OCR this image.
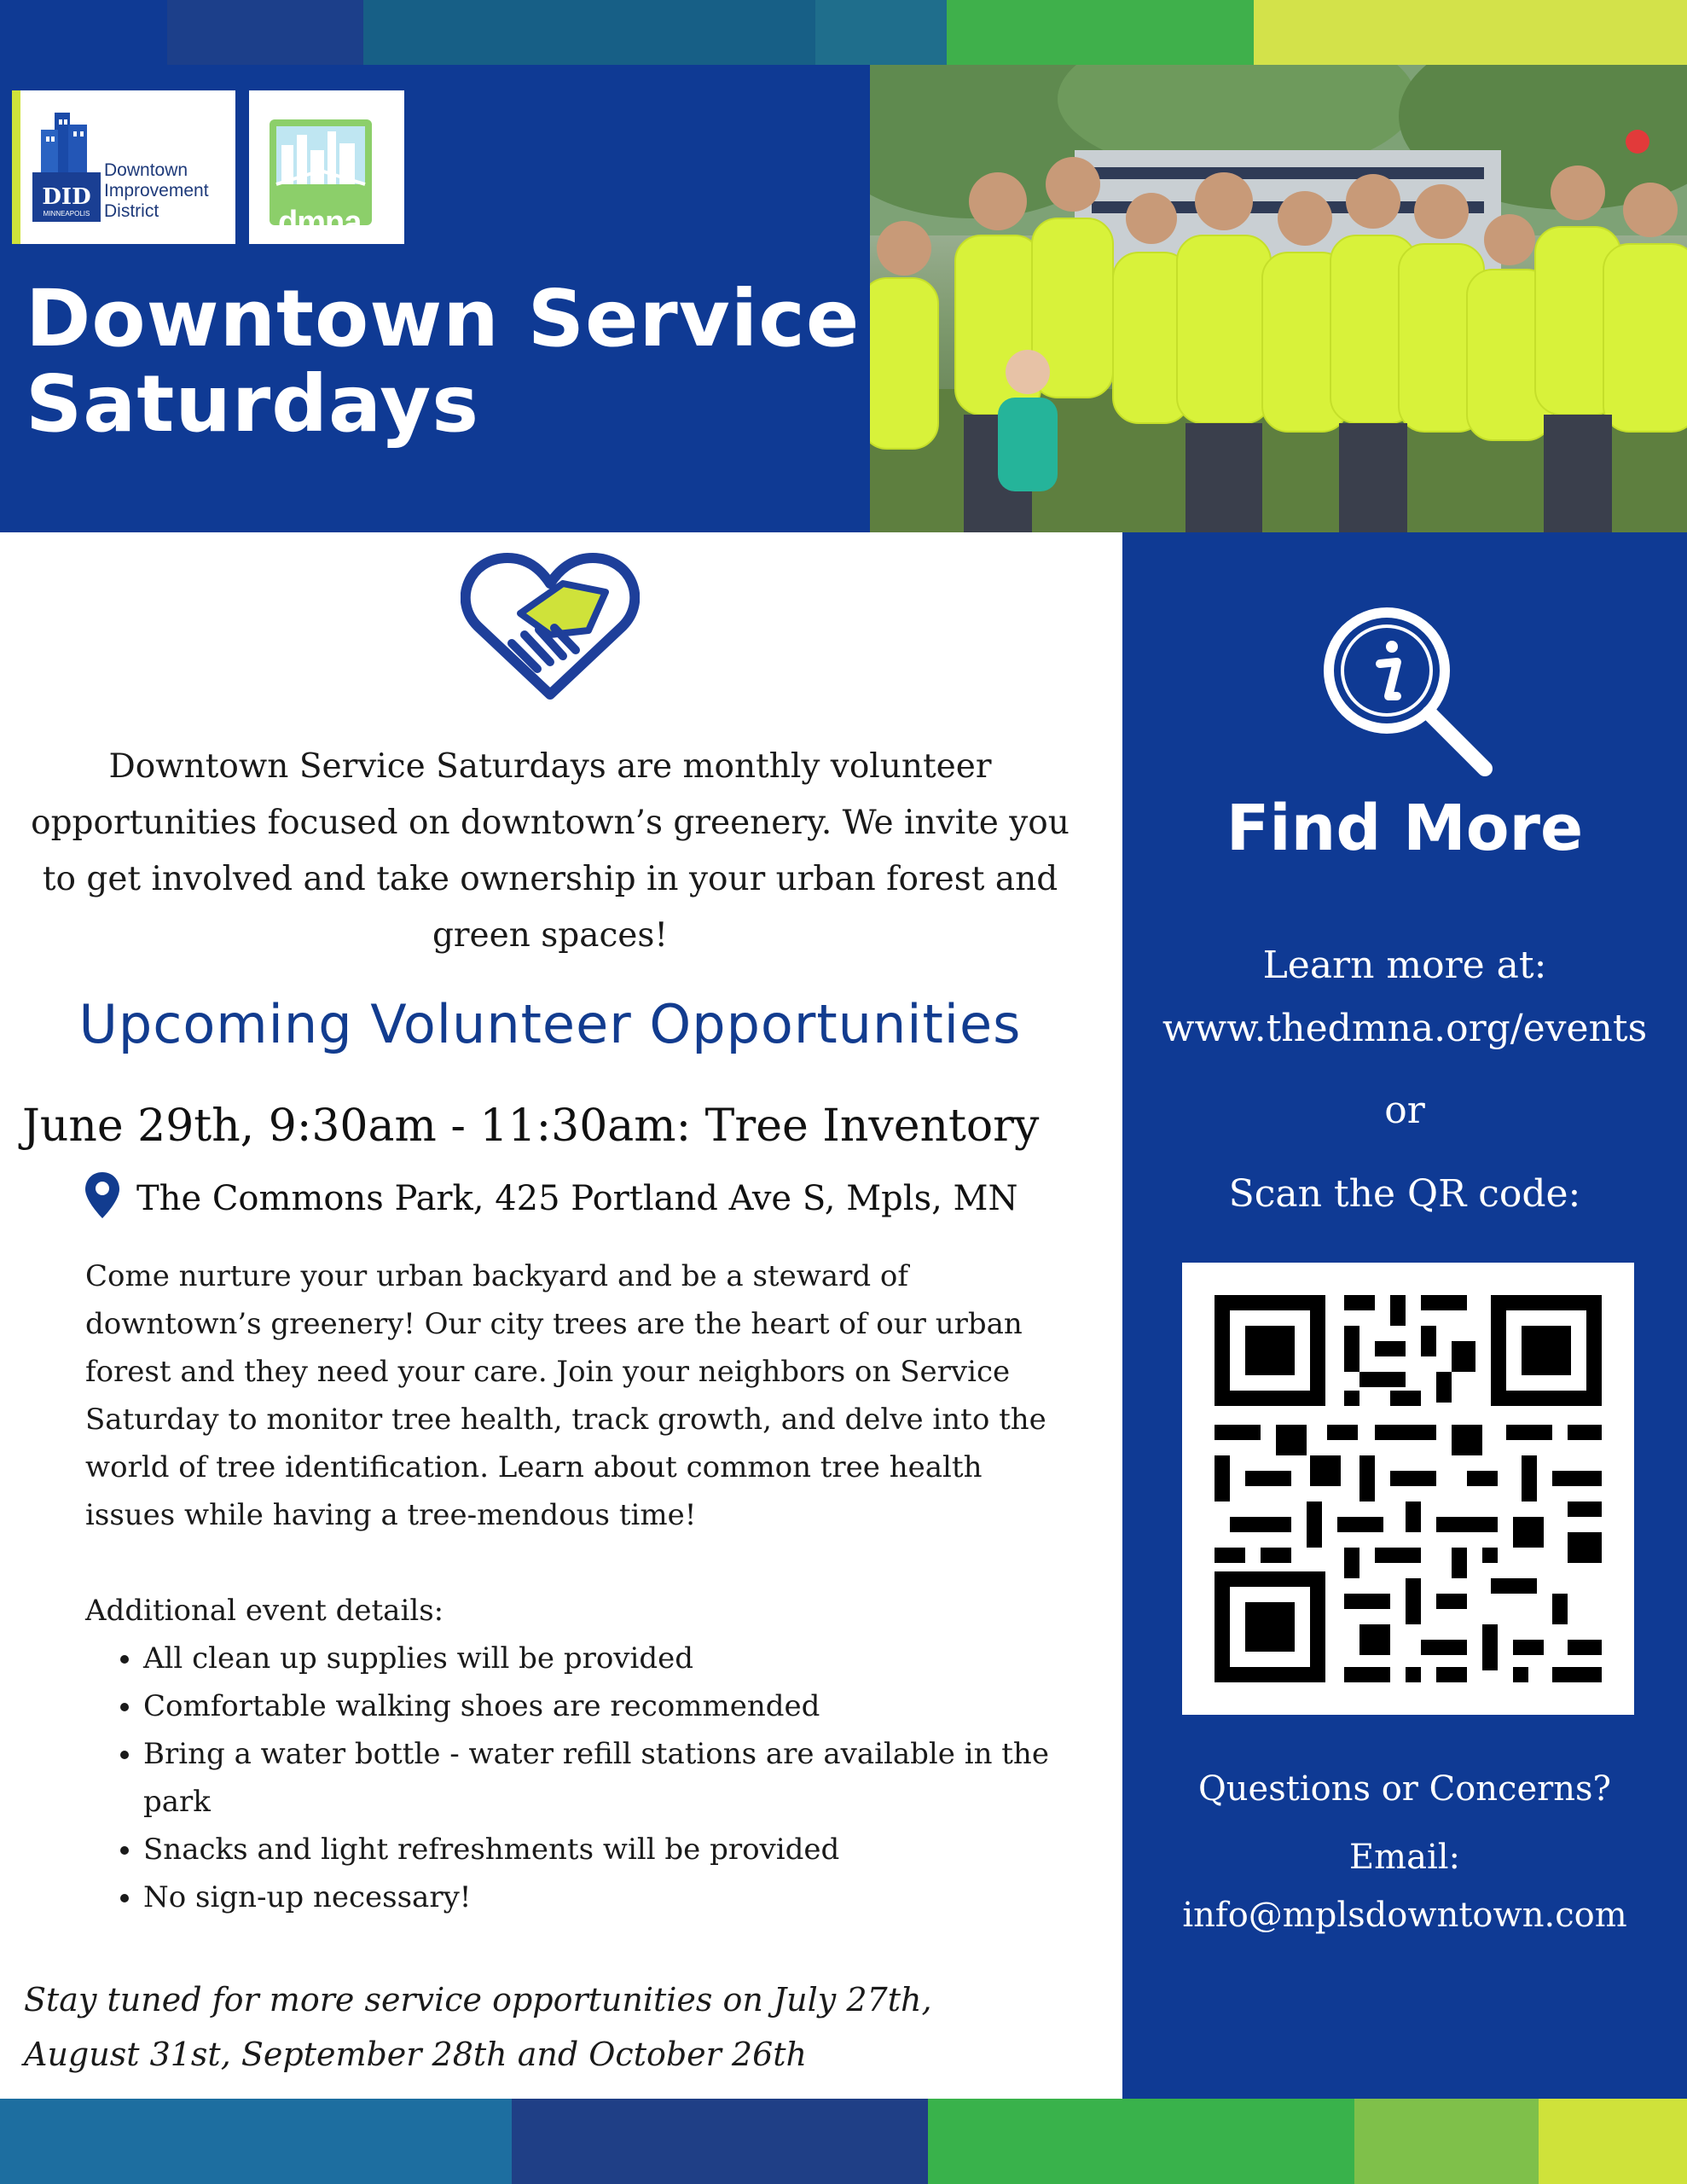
DID
MINNEAPOLIS
Downtown
Improvement
District	dmna
Downtown Service
Saturdays
Downtown Service Saturdays are monthly volunteer opportunities focused on downtown’s greenery. We invite you to get involved and take ownership in your urban forest and green spaces!
Upcoming Volunteer Opportunities
June 29th, 9:30am - 11:30am: Tree Inventory
The Commons Park, 425 Portland Ave S, Mpls, MN
Come nurture your urban backyard and be a steward of downtown’s greenery! Our city trees are the heart of our urban forest and they need your care. Join your neighbors on Service Saturday to monitor tree health, track growth, and delve into the world of tree identification. Learn about common tree health issues while having a tree-mendous time!
Additional event details:
• All clean up supplies will be provided
• Comfortable walking shoes are recommended
• Bring a water bottle - water refill stations are available in the park
• Snacks and light refreshments will be provided
• No sign-up necessary!
Stay tuned for more service opportunities on July 27th,
August 31st, September 28th and October 26th
Find More
Learn more at:
www.thedmna.org/events
or
Scan the QR code:
Questions or Concerns?
Email:
info@mplsdowntown.com
